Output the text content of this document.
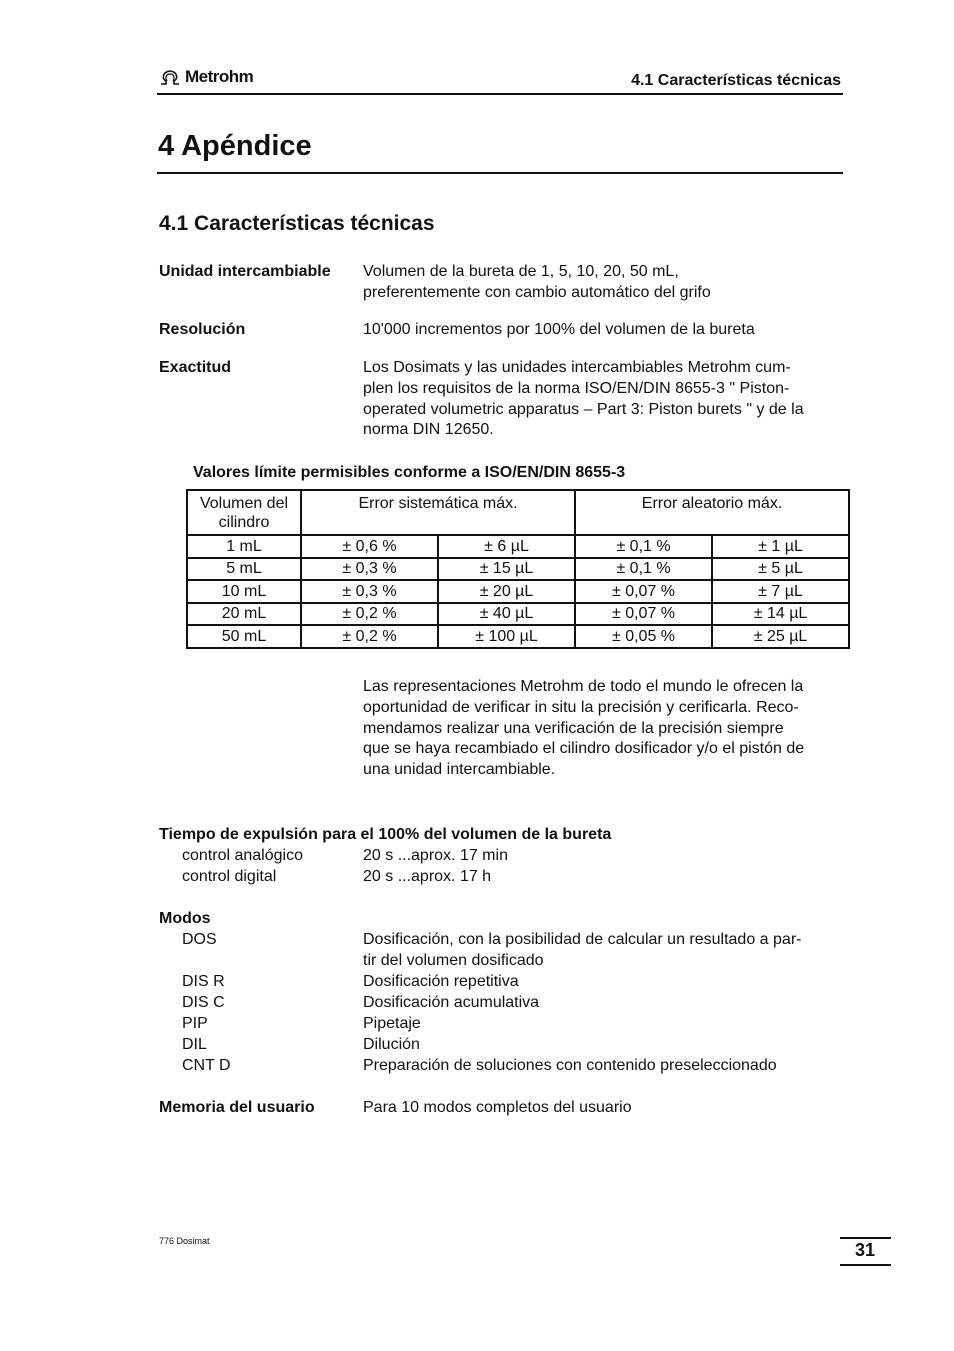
Metrohm	4.1 Características técnicas
4 Apéndice
4.1 Características técnicas
Unidad intercambiable Volumen de la bureta de 1, 5, 10, 20, 50 mL,
preferentemente con cambio automático del grifo
Resolución	10'000 incrementos por 100% del volumen de la bureta
Exactitud	Los Dosimats y las unidades intercambiables Metrohm cum-
plen los requisitos de la norma ISO/EN/DIN 8655-3 " Piston-
operated volumetric apparatus – Part 3: Piston burets " y de la
norma DIN 12650.
Valores límite permisibles conforme a ISO/EN/DIN 8655-3
Volumen del cilindro	Error sistemática máx.		Error aleatorio máx.	
1 mL	± 0,6 %	± 6 µL	± 0,1 %	± 1 µL
5 mL	± 0,3 %	± 15 µL	± 0,1 %	± 5 µL
10 mL	± 0,3 %	± 20 µL	± 0,07 %	± 7 µL
20 mL	± 0,2 %	± 40 µL	± 0,07 %	± 14 µL
50 mL	± 0,2 %	± 100 µL	± 0,05 %	± 25 µL
Las representaciones Metrohm de todo el mundo le ofrecen la
oportunidad de verificar in situ la precisión y cerificarla. Reco-
mendamos realizar una verificación de la precisión siempre
que se haya recambiado el cilindro dosificador y/o el pistón de
una unidad intercambiable.
Tiempo de expulsión para el 100% del volumen de la bureta
control analógico	20 s ...aprox. 17 min
control digital	20 s ...aprox. 17 h
Modos
DOS	Dosificación, con la posibilidad de calcular un resultado a par-
tir del volumen dosificado
DIS R	Dosificación repetitiva
DIS C	Dosificación acumulativa
PIP	Pipetaje
DIL	Dilución
CNT D	Preparación de soluciones con contenido preseleccionado
Memoria del usuario	Para 10 modos completos del usuario
776 Dosimat	31
